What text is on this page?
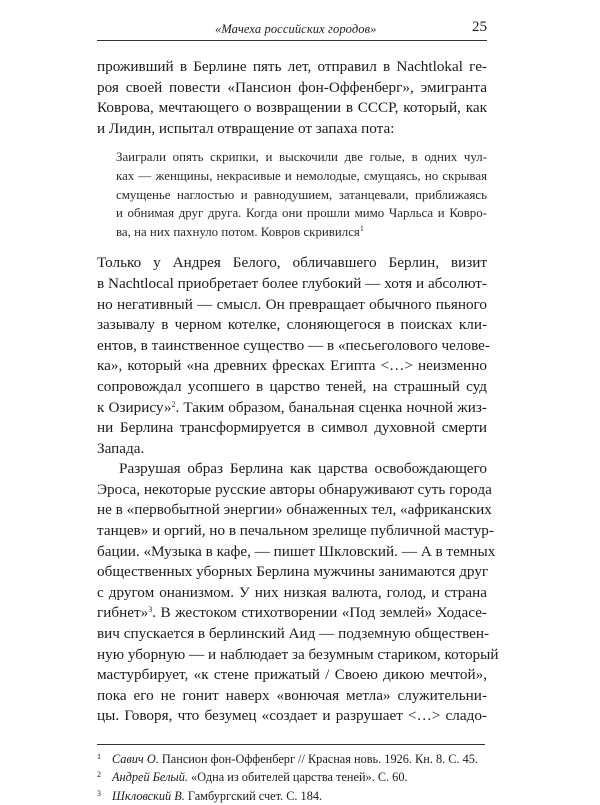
«Мачеха российских городов»	25
проживший в Берлине пять лет, отправил в Nachtlokal ге-
роя своей повести «Пансион фон-Оффенберг», эмигранта
Коврова, мечтающего о возвращении в СССР, который, как
и Лидин, испытал отвращение от запаха пота:
Заиграли опять скрипки, и выскочили две голые, в одних чул-
ках — женщины, некрасивые и немолодые, смущаясь, но скрывая
смущенье наглостью и равнодушием, затанцевали, приближаясь
и обнимая друг друга. Когда они прошли мимо Чарльса и Ковро-
ва, на них пахнуло потом. Ковров скривился$^1$
Только у Андрея Белого, обличавшего Берлин, визит
в Nachtlocal приобретает более глубокий — хотя и абсолют-
но негативный — смысл. Он превращает обычного пьяного
зазывалу в черном котелке, слоняющегося в поисках кли-
ентов, в таинственное существо — в «песьеголового челове-
ка», который «на древних фресках Египта <…> неизменно
сопровождал усопшего в царство теней, на страшный суд
к Озирису»$^2$. Таким образом, банальная сценка ночной жиз-
ни Берлина трансформируется в символ духовной смерти
Запада.
Разрушая образ Берлина как царства освобождающего
Эроса, некоторые русские авторы обнаруживают суть города
не в «первобытной энергии» обнаженных тел, «африканских
танцев» и оргий, но в печальном зрелище публичной мастур-
бации. «Музыка в кафе, — пишет Шкловский. — А в темных
общественных уборных Берлина мужчины занимаются друг
с другом онанизмом. У них низкая валюта, голод, и страна
гибнет»$^3$. В жестоком стихотворении «Под землей» Ходасе-
вич спускается в берлинский Аид — подземную обществен-
ную уборную — и наблюдает за безумным стариком, который
мастурбирует, «к стене прижатый / Своею дикою мечтой»,
пока его не гонит наверх «вонючая метла» служительни-
цы. Говоря, что безумец «создает и разрушает <…> сладо-
1 Савич О. Пансион фон-Оффенберг // Красная новь. 1926. Кн. 8. С. 45.
2 Андрей Белый. «Одна из обителей царства теней». С. 60.
3 Шкловский В. Гамбургский счет. С. 184.
